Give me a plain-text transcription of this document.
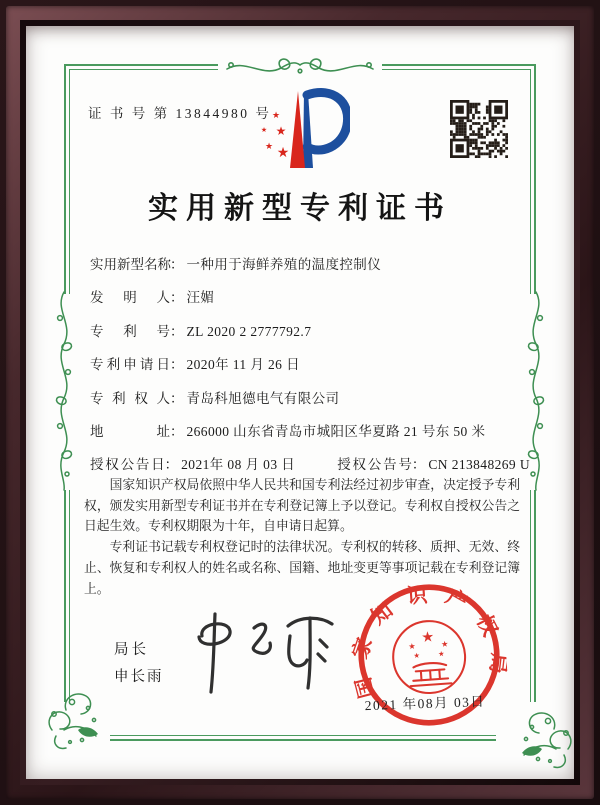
证 书 号 第 13844980 号 ★
★ ★
★ ★
实用新型专利证书
实用新型名称 ： 一种用于海鲜养殖的温度控制仪
发明人 ： 汪媚
专利号 ： ZL 2020 2 2777792.7
专利申请日 ： 2020年 11 月 26 日
专利权人 ： 青岛科旭德电气有限公司
地址 ： 266000 山东省青岛市城阳区华夏路 21 号东 50 米
授权公告日 ： 2021年 08 月 03 日	授权公告号 ： CN 213848269 U

国家知识产权局依照中华人民共和国专利法经过初步审查，决定授予专利权，颁发实用新型专利证书并在专利登记簿上予以登记。专利权自授权公告之日起生效。专利权期限为十年，自申请日起算。

专利证书记载专利权登记时的法律状况。专利权的转移、质押、无效、终止、恢复和专利权人的姓名或名称、国籍、地址变更等事项记载在专利登记簿上。

局长
申长雨	国家知识产权局
★
★	★
★	★
2021 年08月 03日
